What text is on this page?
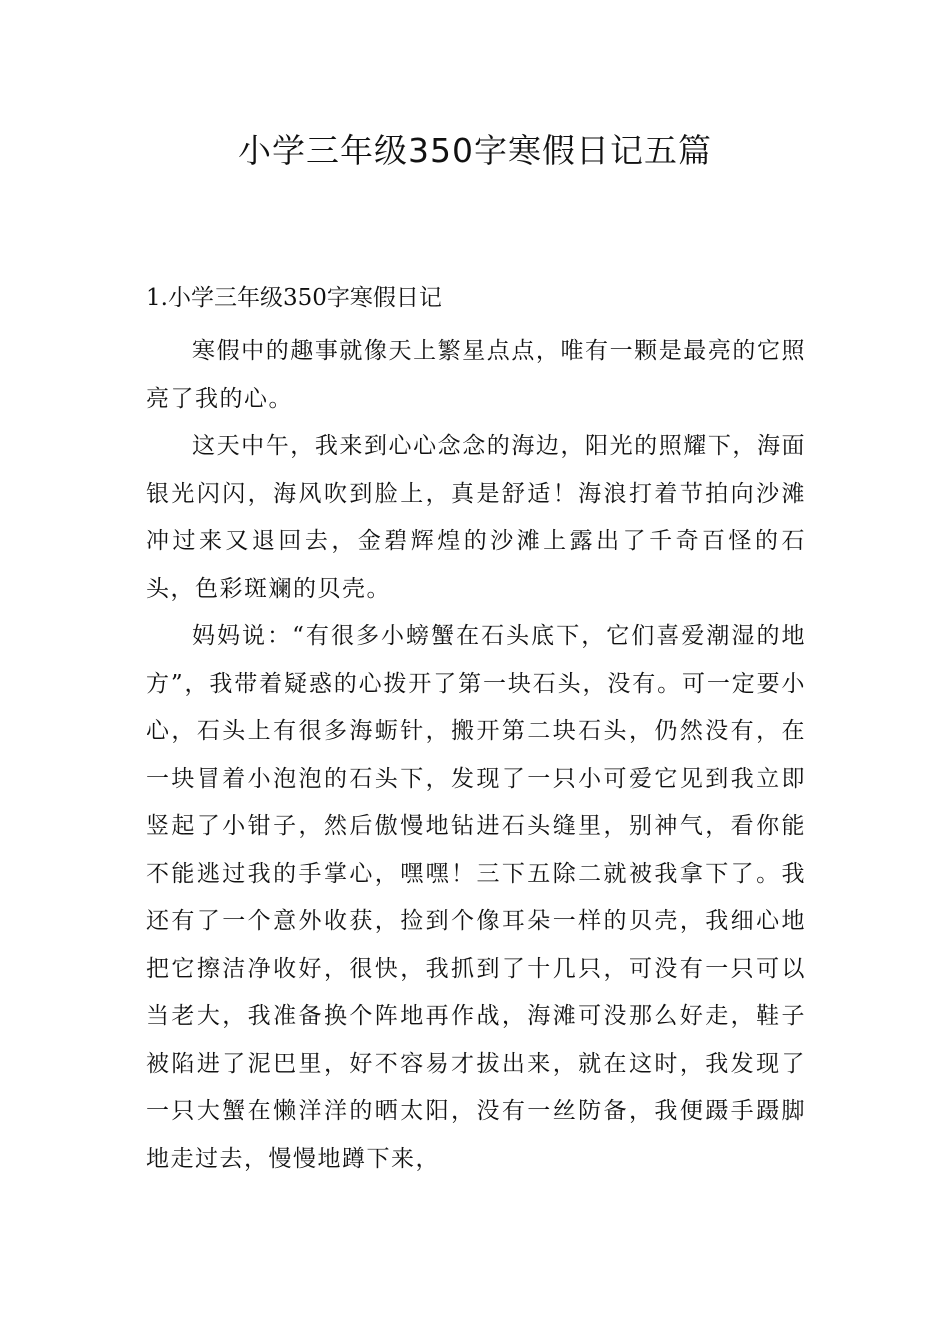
小学三年级350字寒假日记五篇
1.小学三年级350字寒假日记

寒假中的趣事就像天上繁星点点，唯有一颗是最亮的它照亮了我的心。

这天中午，我来到心心念念的海边，阳光的照耀下，海面银光闪闪，海风吹到脸上，真是舒适！海浪打着节拍向沙滩冲过来又退回去，金碧辉煌的沙滩上露出了千奇百怪的石头，色彩斑斓的贝壳。

妈妈说：“有很多小螃蟹在石头底下，它们喜爱潮湿的地方”，我带着疑惑的心拨开了第一块石头，没有。可一定要小心，石头上有很多海蛎针，搬开第二块石头，仍然没有，在一块冒着小泡泡的石头下，发现了一只小可爱它见到我立即竖起了小钳子，然后傲慢地钻进石头缝里，别神气，看你能不能逃过我的手掌心，嘿嘿！三下五除二就被我拿下了。我还有了一个意外收获，捡到个像耳朵一样的贝壳，我细心地把它擦洁净收好，很快，我抓到了十几只，可没有一只可以当老大，我准备换个阵地再作战，海滩可没那么好走，鞋子被陷进了泥巴里，好不容易才拔出来，就在这时，我发现了一只大蟹在懒洋洋的晒太阳，没有一丝防备，我便蹑手蹑脚地走过去，慢慢地蹲下来，
